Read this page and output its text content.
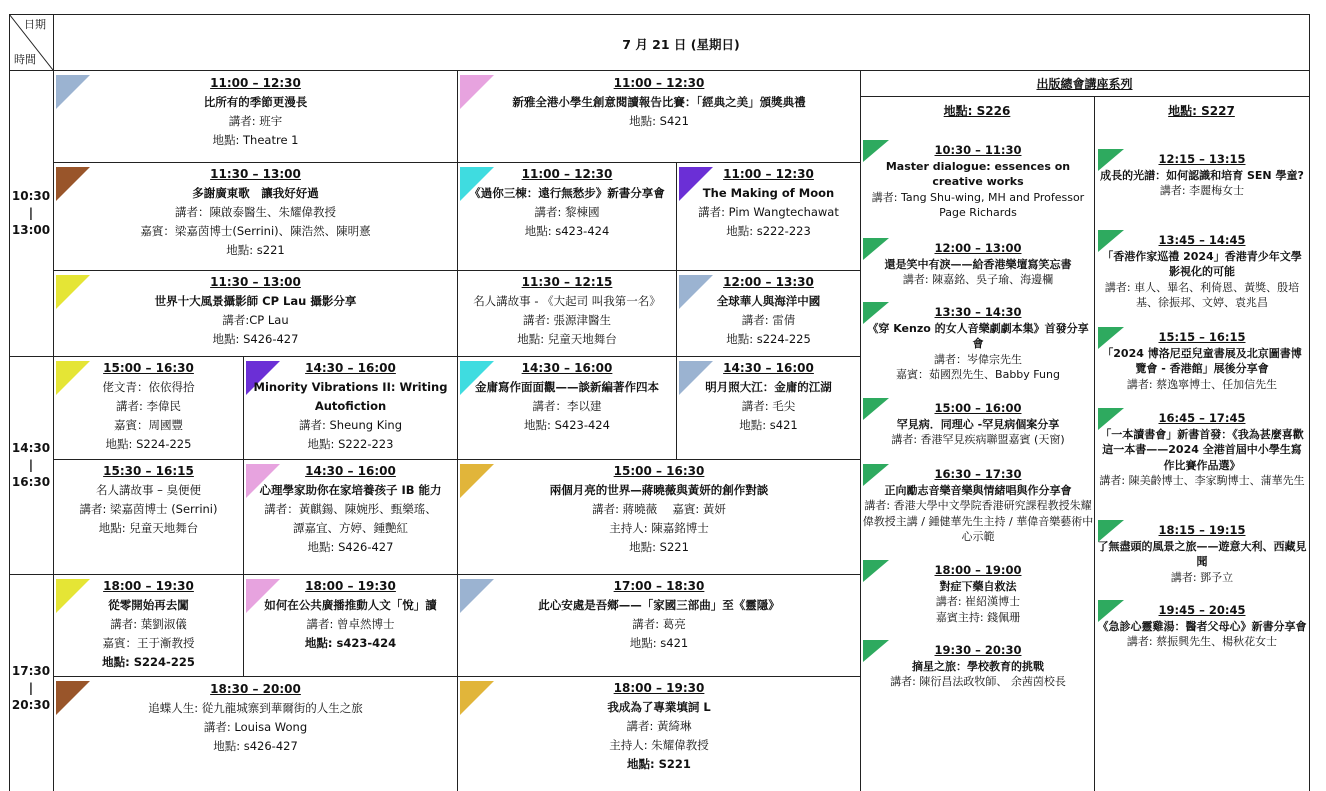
日期
時間
7 月 21 日 (星期日)
10:30
|
13:00
14:30
|
16:30
17:30
|
20:30
11:00 – 12:30
比所有的季節更漫長
講者: 班宇
地點: Theatre 1
11:00 – 12:30
新雅全港小學生創意閱讀報告比賽：「經典之美」頒獎典禮
地點: S421
11:30 – 13:00
多謝廣東歌　讓我好好過
講者：陳啟泰醫生、朱耀偉教授
嘉賓：梁嘉茵博士(Serrini)、陳浩然、陳明憙
地點: s221
11:00 – 12:30
《過你三棟：遠行無愁步》新書分享會
講者: 黎棟國
地點: s423-424
11:00 – 12:30
The Making of Moon
講者: Pim Wangtechawat
地點: s222-223
11:30 – 13:00
世界十大風景攝影師 CP Lau 攝影分享
講者:CP Lau
地點: S426-427
11:30 – 12:15
名人講故事 - 《大起司 叫我第一名》
講者: 張源津醫生
地點: 兒童天地舞台
12:00 – 13:30
全球華人與海洋中國
講者: 雷倩
地點: s224-225
15:00 – 16:30
佬文青：依依得拾
講者: 李偉民
嘉賓：周國豐
地點: S224-225
14:30 – 16:00
Minority Vibrations II: Writing Autofiction
講者: Sheung King
地點: S222-223
14:30 – 16:00
金庸寫作面面觀——談新編著作四本
講者：李以建
地點: S423-424
14:30 – 16:00
明月照大江：金庸的江湖
講者: 毛尖
地點: s421
15:30 – 16:15
名人講故事 – 臭便便
講者: 梁嘉茵博士 (Serrini)
地點: 兒童天地舞台
14:30 – 16:00
心理學家助你在家培養孩子 IB 能力
講者：黃麒鍚、陳婉彤、甄樂瑤、
譚嘉宜、方婷、鍾艷紅
地點: S426-427
15:00 – 16:30
兩個月亮的世界—蔣曉薇與黃妍的創作對談
講者: 蔣曉薇　 嘉賓: 黃妍
主持人: 陳嘉銘博士
地點: S221
18:00 – 19:30
從零開始再去闖
講者: 葉劉淑儀
嘉賓：王于漸教授
地點: S224-225
18:00 – 19:30
如何在公共廣播推動人文「悅」讀
講者: 曾卓然博士
地點: s423-424
17:00 – 18:30
此心安處是吾鄉——「家國三部曲」至《靈隱》
講者: 葛亮
地點: s421
18:30 – 20:00
追蝶人生: 從九龍城寨到華爾街的人生之旅
講者: Louisa Wong
地點: s426-427
18:00 – 19:30
我成為了專業填詞 L
講者: 黃綺琳
主持人: 朱耀偉教授
地點: S221
出版總會講座系列
地點: S226	地點: S227
10:30 – 11:30
Master dialogue: essences on creative works
講者: Tang Shu-wing, MH and Professor Page Richards
12:00 – 13:00
還是笑中有淚——給香港樂壇寫笑忘書
講者: 陳嘉銘、吳子瑜、海邊欄
13:30 – 14:30
《穿 Kenzo 的女人音樂劇劇本集》首發分享會
講者：岑偉宗先生
嘉賓：茹國烈先生、Babby Fung
15:00 – 16:00
罕見病．同理心 -罕見病個案分享
講者: 香港罕見疾病聯盟嘉賓 (天窗)
16:30 – 17:30
正向勵志音樂音樂與情緒唱與作分享會
講者: 香港大學中文學院香港研究課程教授朱耀偉教授主講 / 鍾健華先生主持 / 華偉音樂藝術中心示範
18:00 – 19:00
對症下藥自救法
講者: 崔紹漢博士
嘉賓主持: 錢佩珊
19:30 – 20:30
摘星之旅：學校教育的挑戰
講者: 陳衍昌法政牧師、 余茜茵校長
12:15 – 13:15
成長的光譜：如何認識和培育 SEN 學童?
講者: 李麗梅女士
13:45 – 14:45
「香港作家巡禮 2024」香港青少年文學影視化的可能
講者: 車人、畢名、利倚恩、黃獎、殷培基、徐振邦、文婷、袁兆昌
15:15 – 16:15
「2024 博洛尼亞兒童書展及北京圖書博覽會 - 香港館」展後分享會
講者: 蔡逸寧博士、任加信先生
16:45 – 17:45
「一本讀書會」新書首發：《我為甚麼喜歡這一本書——2024 全港首屆中小學生寫作比賽作品選》
講者: 陳美齡博士、李家駒博士、蒲華先生
18:15 – 19:15
了無盡頭的風景之旅——遊意大利、西藏見聞
講者: 鄧予立
19:45 – 20:45
《急診心靈雞湯：醫者父母心》新書分享會
講者: 蔡振興先生、楊秋花女士
